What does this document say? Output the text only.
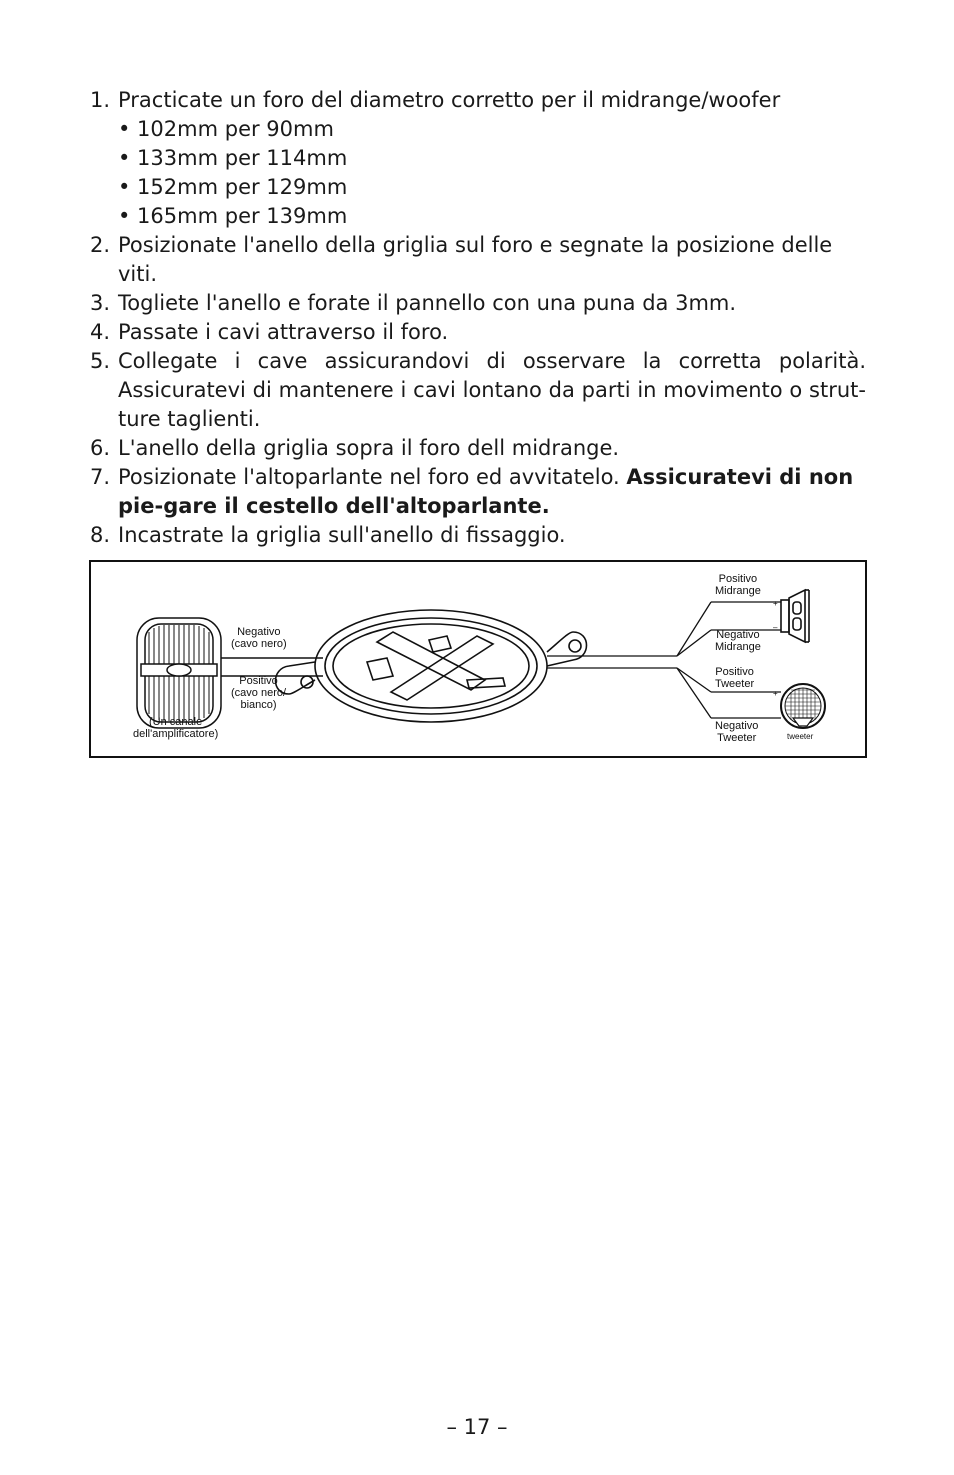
1. Practicate un foro del diametro corretto per il midrange/woofer
• 102mm per 90mm
• 133mm per 114mm
• 152mm per 129mm
• 165mm per 139mm
2. Posizionate l'anello della griglia sul foro e segnate la posizione delle viti.
3. Togliete l'anello e forate il pannello con una puna da 3mm.
4. Passate i cavi attraverso il foro.
5. Collegate i cave assicurandovi di osservare la corretta polarità. Assicuratevi di mantenere i cavi lontano da parti in movimento o strut-ture taglienti.
6. L'anello della griglia sopra il foro dell midrange.
7. Posizionate l'altoparlante nel foro ed avvitatelo. Assicuratevi di non pie-gare il cestello dell'altoparlante.
8. Incastrate la griglia sull'anello di fissaggio.
Negativo
(cavo nero)
Positivo
(cavo nero/
bianco)
(Un canale
dell'amplificatore)
Positivo
Midrange
Negativo
Midrange
Positivo
Tweeter
Negativo
Tweeter	tweeter
+
–
+
–
– 17 –
